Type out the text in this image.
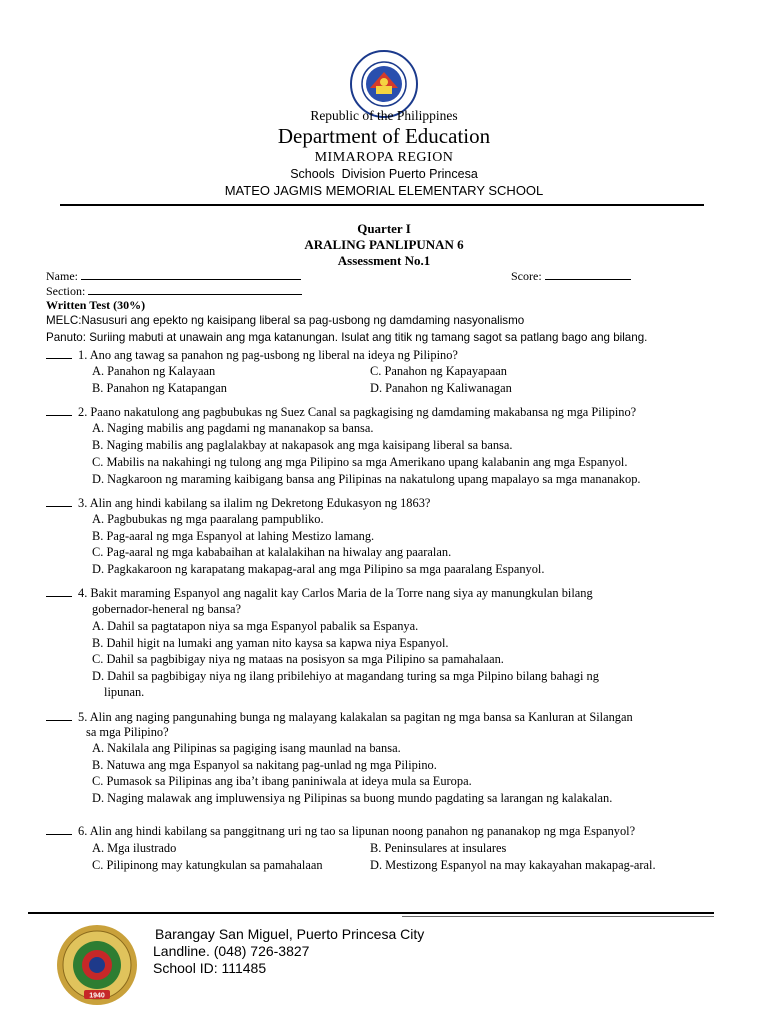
Republic of the Philippines
Department of Education
MIMAROPA REGION
Schools  Division Puerto Princesa
MATEO JAGMIS MEMORIAL ELEMENTARY SCHOOL
Quarter I
ARALING PANLIPUNAN 6
Assessment No.1
Name:
Section:
Score:
Written Test (30%)
MELC:Nasusuri ang epekto ng kaisipang liberal sa pag-usbong ng damdaming nasyonalismo
Panuto: Suriing mabuti at unawain ang mga katanungan. Isulat ang titik ng tamang sagot sa patlang bago ang bilang.
1. Ano ang tawag sa panahon ng pag-usbong ng liberal na ideya ng Pilipino?
A. Panahon ng Kalayaan	C. Panahon ng Kapayapaan
B. Panahon ng Katapangan	D. Panahon ng Kaliwanagan
2. Paano nakatulong ang pagbubukas ng Suez Canal sa pagkagising ng damdaming makabansa ng mga Pilipino?
A. Naging mabilis ang pagdami ng mananakop sa bansa.
B. Naging mabilis ang paglalakbay at nakapasok ang mga kaisipang liberal sa bansa.
C. Mabilis na nakahingi ng tulong ang mga Pilipino sa mga Amerikano upang kalabanin ang mga Espanyol.
D. Nagkaroon ng maraming kaibigang bansa ang Pilipinas na nakatulong upang mapalayo sa mga mananakop.
3. Alin ang hindi kabilang sa ilalim ng Dekretong Edukasyon ng 1863?
A. Pagbubukas ng mga paaralang pampubliko.
B. Pag-aaral ng mga Espanyol at lahing Mestizo lamang.
C. Pag-aaral ng mga kababaihan at kalalakihan na hiwalay ang paaralan.
D. Pagkakaroon ng karapatang makapag-aral ang mga Pilipino sa mga paaralang Espanyol.
4. Bakit maraming Espanyol ang nagalit kay Carlos Maria de la Torre nang siya ay manungkulan bilang
gobernador-heneral ng bansa?
A. Dahil sa pagtatapon niya sa mga Espanyol pabalik sa Espanya.
B. Dahil higit na lumaki ang yaman nito kaysa sa kapwa niya Espanyol.
C. Dahil sa pagbibigay niya ng mataas na posisyon sa mga Pilipino sa pamahalaan.
D. Dahil sa pagbibigay niya ng ilang pribilehiyo at magandang turing sa mga Pilpino bilang bahagi ng
lipunan.
5. Alin ang naging pangunahing bunga ng malayang kalakalan sa pagitan ng mga bansa sa Kanluran at Silangan
sa mga Pilipino?
A. Nakilala ang Pilipinas sa pagiging isang maunlad na bansa.
B. Natuwa ang mga Espanyol sa nakitang pag-unlad ng mga Pilipino.
C. Pumasok sa Pilipinas ang iba’t ibang paniniwala at ideya mula sa Europa.
D. Naging malawak ang impluwensiya ng Pilipinas sa buong mundo pagdating sa larangan ng kalakalan.
6. Alin ang hindi kabilang sa panggitnang uri ng tao sa lipunan noong panahon ng pananakop ng mga Espanyol?
A. Mga ilustrado	B. Peninsulares at insulares
C. Pilipinong may katungkulan sa pamahalaan	D. Mestizong Espanyol na may kakayahan makapag-aral.
1940
Barangay San Miguel, Puerto Princesa City
Landline. (048) 726-3827
School ID: 111485
